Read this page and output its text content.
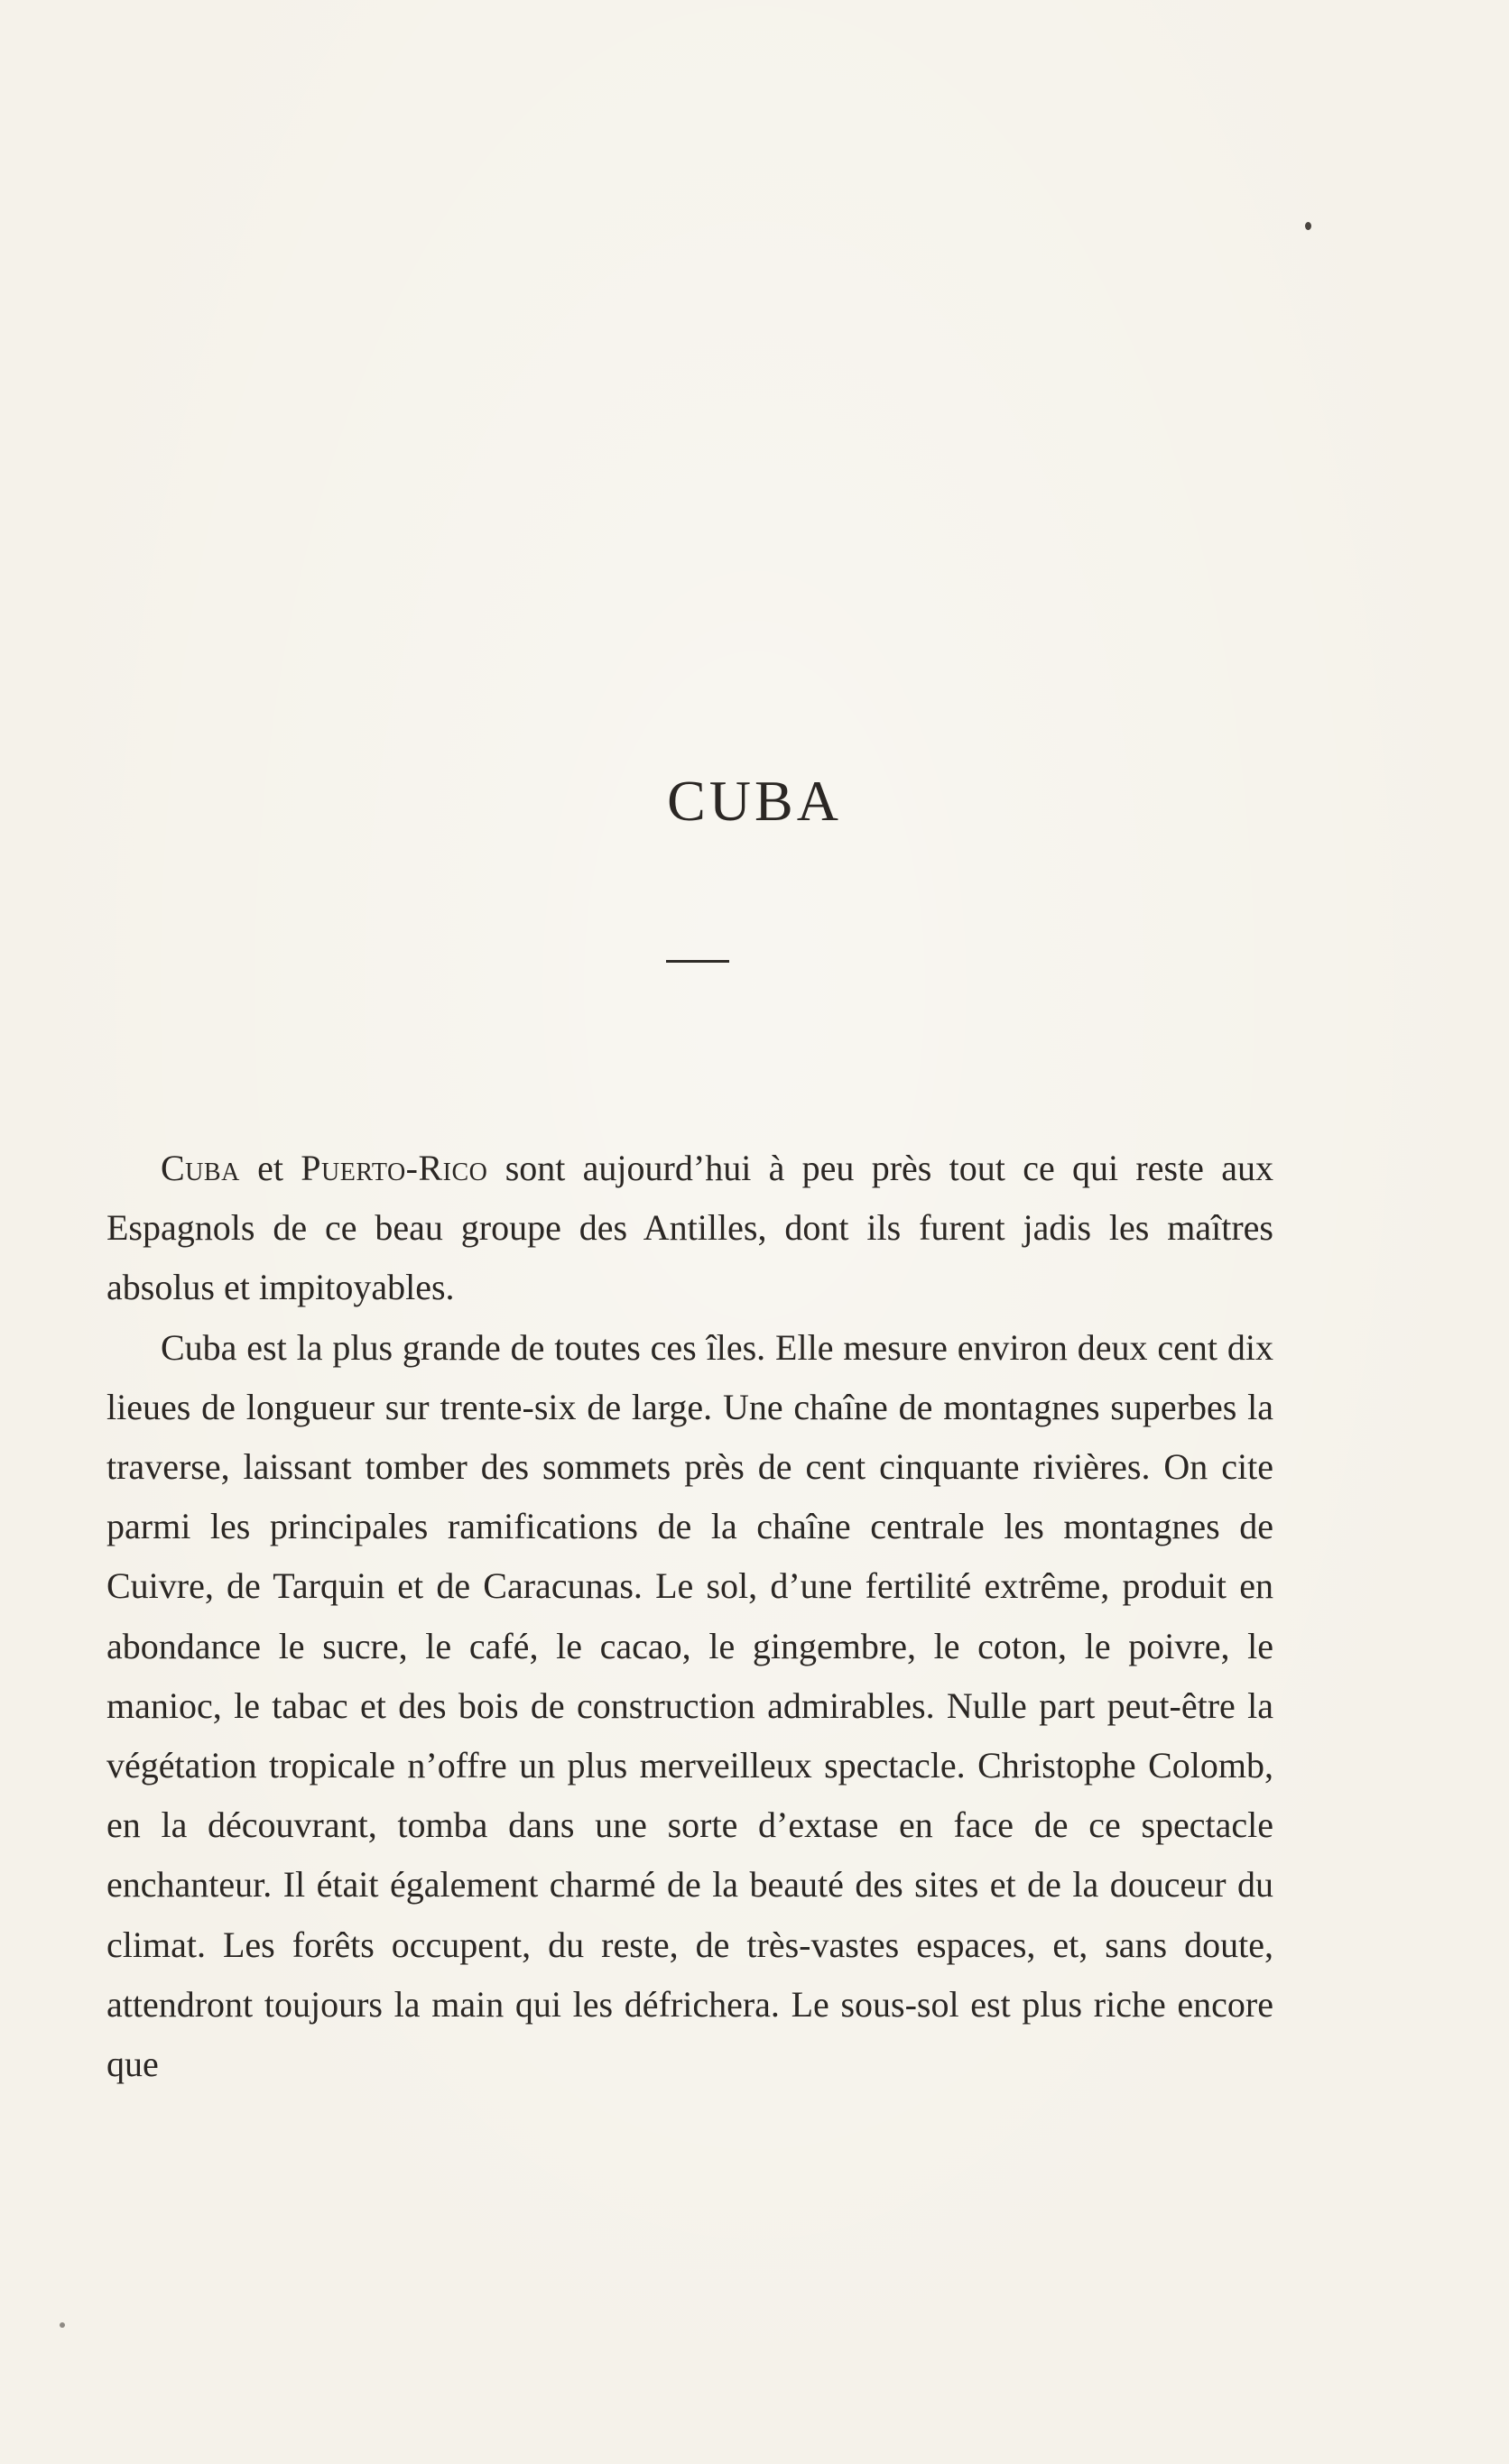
CUBA

Cuba et Puerto-Rico sont aujourd’hui à peu près tout ce qui reste aux Espagnols de ce beau groupe des Antilles, dont ils furent jadis les maîtres absolus et impitoyables.

Cuba est la plus grande de toutes ces îles. Elle mesure environ deux cent dix lieues de longueur sur trente-six de large. Une chaîne de montagnes superbes la traverse, laissant tomber des sommets près de cent cinquante rivières. On cite parmi les principales ramifications de la chaîne centrale les montagnes de Cuivre, de Tarquin et de Caracunas. Le sol, d’une fertilité extrême, produit en abondance le sucre, le café, le cacao, le gingembre, le coton, le poivre, le manioc, le tabac et des bois de construction admirables. Nulle part peut-être la végétation tropicale n’offre un plus merveilleux spectacle. Christophe Colomb, en la découvrant, tomba dans une sorte d’extase en face de ce spectacle enchanteur. Il était également charmé de la beauté des sites et de la douceur du climat. Les forêts occupent, du reste, de très-vastes espaces, et, sans doute, attendront toujours la main qui les défrichera. Le sous-sol est plus riche encore que
